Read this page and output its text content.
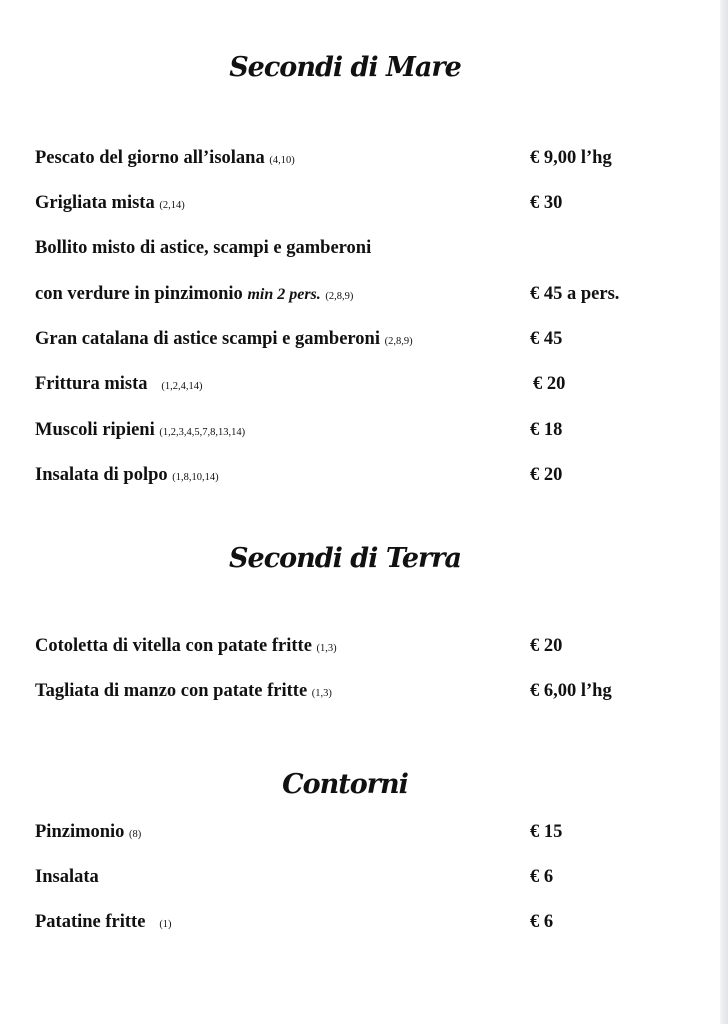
Secondi di Mare
Pescato del giorno all’isolana (4,10)	€ 9,00 l’hg
Grigliata mista (2,14)	€ 30
Bollito misto di astice, scampi e gamberoni
con verdure in pinzimonio min 2 pers. (2,8,9)	€ 45 a pers.
Gran catalana di astice scampi e gamberoni (2,8,9)	€ 45
Frittura mista (1,2,4,14)	€ 20
Muscoli ripieni (1,2,3,4,5,7,8,13,14)	€ 18
Insalata di polpo (1,8,10,14)	€ 20
Secondi di Terra
Cotoletta di vitella con patate fritte (1,3)	€ 20
Tagliata di manzo con patate fritte (1,3)	€ 6,00 l’hg
Contorni
Pinzimonio (8)	€ 15
Insalata	€ 6
Patatine fritte (1)	€ 6
